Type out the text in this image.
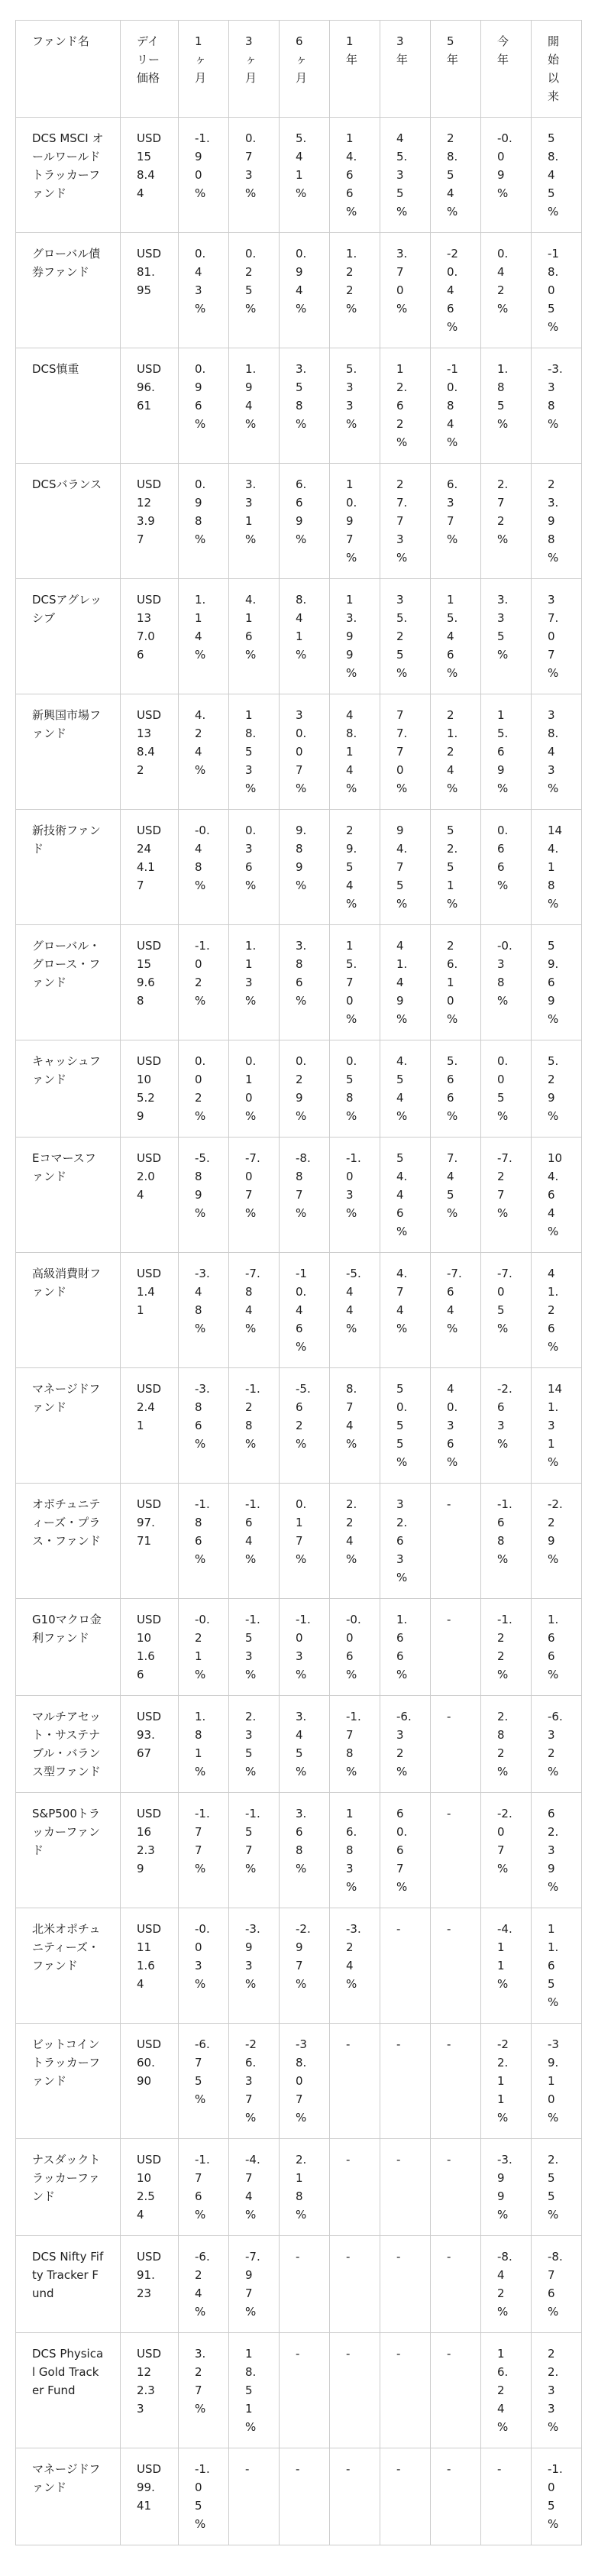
ファンド名	デイリー価格	1ヶ月	3ヶ月	6ヶ月	1年	3年	5年	今年	開始以来
DCS MSCI オールワールドトラッカーファンド	USD 158.44	-1.90%	0.73%	5.41%	14.66%	45.35%	28.54%	-0.09%	58.45%
グローバル債券ファンド	USD 81.95	0.43%	0.25%	0.94%	1.22%	3.70%	-20.46%	0.42%	-18.05%
DCS慎重	USD 96.61	0.96%	1.94%	3.58%	5.33%	12.62%	-10.84%	1.85%	-3.38%
DCSバランス	USD 123.97	0.98%	3.31%	6.69%	10.97%	27.73%	6.37%	2.72%	23.98%
DCSアグレッシブ	USD 137.06	1.14%	4.16%	8.41%	13.99%	35.25%	15.46%	3.35%	37.07%
新興国市場ファンド	USD 138.42	4.24%	18.53%	30.07%	48.14%	77.70%	21.24%	15.69%	38.43%
新技術ファンド	USD 244.17	-0.48%	0.36%	9.89%	29.54%	94.75%	52.51%	0.66%	144.18%
グローバル・グロース・ファンド	USD 159.68	-1.02%	1.13%	3.86%	15.70%	41.49%	26.10%	-0.38%	59.69%
キャッシュファンド	USD 105.29	0.02%	0.10%	0.29%	0.58%	4.54%	5.66%	0.05%	5.29%
Eコマースファンド	USD 2.04	-5.89%	-7.07%	-8.87%	-1.03%	54.46%	7.45%	-7.27%	104.64%
高級消費財ファンド	USD 1.41	-3.48%	-7.84%	-10.46%	-5.44%	4.74%	-7.64%	-7.05%	41.26%
マネージドファンド	USD 2.41	-3.86%	-1.28%	-5.62%	8.74%	50.55%	40.36%	-2.63%	141.31%
オポチュニティーズ・プラス・ファンド	USD 97.71	-1.86%	-1.64%	0.17%	2.24%	32.63%	-	-1.68%	-2.29%
G10マクロ金利ファンド	USD 101.66	-0.21%	-1.53%	-1.03%	-0.06%	1.66%	-	-1.22%	1.66%
マルチアセット・サステナブル・バランス型ファンド	USD 93.67	1.81%	2.35%	3.45%	-1.78%	-6.32%	-	2.82%	-6.32%
S&P500トラッカーファンド	USD 162.39	-1.77%	-1.57%	3.68%	16.83%	60.67%	-	-2.07%	62.39%
北米オポチュニティーズ・ファンド	USD 111.64	-0.03%	-3.93%	-2.97%	-3.24%	-	-	-4.11%	11.65%
ビットコイントラッカーファンド	USD 60.90	-6.75%	-26.37%	-38.07%	-	-	-	-22.11%	-39.10%
ナスダックトラッカーファンド	USD 102.54	-1.76%	-4.74%	2.18%	-	-	-	-3.99%	2.55%
DCS Nifty Fifty Tracker Fund	USD 91.23	-6.24%	-7.97%	-	-	-	-	-8.42%	-8.76%
DCS Physical Gold Tracker Fund	USD 122.33	3.27%	18.51%	-	-	-	-	16.24%	22.33%
マネージドファンド	USD 99.41	-1.05%	-	-	-	-	-	-	-1.05%
